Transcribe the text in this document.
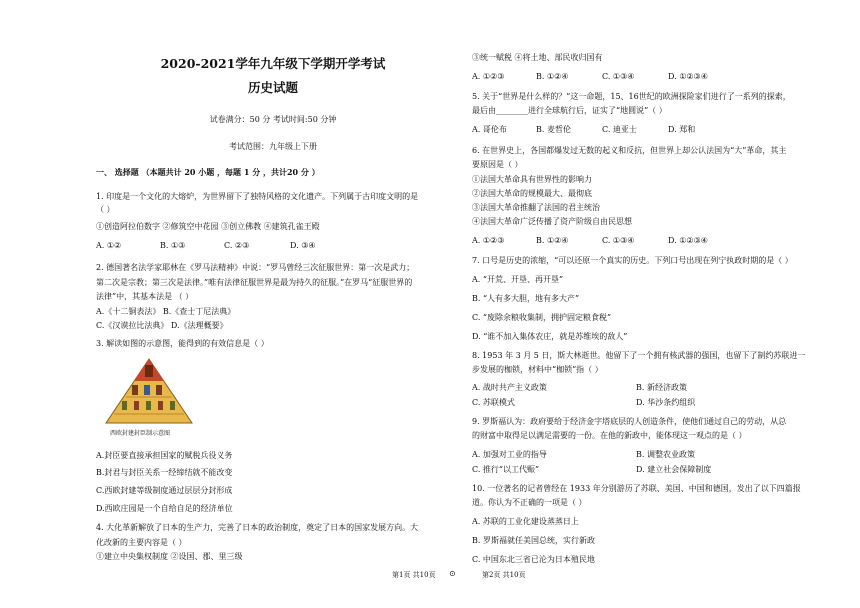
2020-2021学年九年级下学期开学考试
历史试题
试卷满分：50 分 考试时间:50 分钟
考试范围：九年级上下册
一、 选择题 （本题共计 20 小题 ，每题 1 分 ，共计20 分 ）
1. 印度是一个文化的大熔炉，为世界留下了独特风格的文化遗产。下列属于古印度文明的是
（ ）
①创造阿拉伯数字 ②修筑空中花园 ③创立佛教 ④建筑孔雀王殿
A. ①②	B. ①③	C. ②③	D. ③④
2. 德国著名法学家耶林在《罗马法精神》中说：“罗马曾经三次征服世界：第一次是武力；
第二次是宗教；第三次是法律。”唯有法律征服世界是最为持久的征服。”在罗马“征服世界的
法律”中，其基本法是 （ ）
A.《十二铜表法》 B.《查士丁尼法典》
C.《汉谟拉比法典》 D.《法理概要》
3. 解读如图的示意图，能得到的有效信息是（ ）
西欧封建封臣制示意图
A.封臣要直接承担国家的赋税兵役义务
B.封君与封臣关系一经缔结就不能改变
C.西欧封建等级制度通过层层分封形成
D.西欧庄园是一个自给自足的经济单位
4. 大化革新解放了日本的生产力，完善了日本的政治制度，奠定了日本的国家发展方向。大
化改新的主要内容是（ ）
①建立中央集权制度 ②设国、郡、里三级
③统一赋税 ④将土地、部民收归国有
A. ①②③	B. ①②④	C. ①③④	D. ①②③④
5. 关于“世界是什么样的？”这一命题，15、16世纪的欧洲探险家们进行了一系列的探索，
最后由________进行全球航行后，证实了“地圆说”（ ）
A. 哥伦布	B. 麦哲伦	C. 迪亚士	D. 郑和
6. 在世界史上，各国都爆发过无数的起义和反抗，但世界上却公认法国为“大”革命，其主
要原因是（ ）
①法国大革命具有世界性的影响力
②法国大革命的规模最大、最彻底
③法国大革命推翻了法国的君主统治
④法国大革命广泛传播了资产阶级自由民思想
A. ①②③	B. ①②④	C. ①③④	D. ①②③④
7. 口号是历史的浓缩，“可以还原一个真实的历史。下列口号出现在列宁执政时期的是（ ）
A. “开荒、开垦、再开垦”
B. “人有多大胆，地有多大产”
C. “废除余粮收集制，拥护固定粮食税”
D. “谁不加入集体农庄，就是苏维埃的敌人”
8. 1953 年 3 月 5 日，斯大林逝世。他留下了一个拥有核武器的强国，也留下了制约苏联进一
步发展的枷锁，材料中“枷锁”指（ ）
A. 战时共产主义政策	B. 新经济政策
C. 苏联模式	D. 华沙条约组织
9. 罗斯福认为：政府要给于经济金字塔底层的人创造条件，使他们通过自己的劳动，从总
的财富中取得足以满足需要的一份。在他的新政中，能体现这一观点的是（ ）
A. 加强对工业的指导	B. 调整农业政策
C. 推行“以工代赈”	D. 建立社会保障制度
10. 一位著名的记者曾经在 1933 年分别游历了苏联、美国、中国和德国，发出了以下四篇报
道。你认为不正确的一项是（ ）
A. 苏联的工业化建设蒸蒸日上
B. 罗斯福就任美国总统，实行新政
C. 中国东北三省已沦为日本殖民地
第1页 共10页 ⊙	第2页 共10页
